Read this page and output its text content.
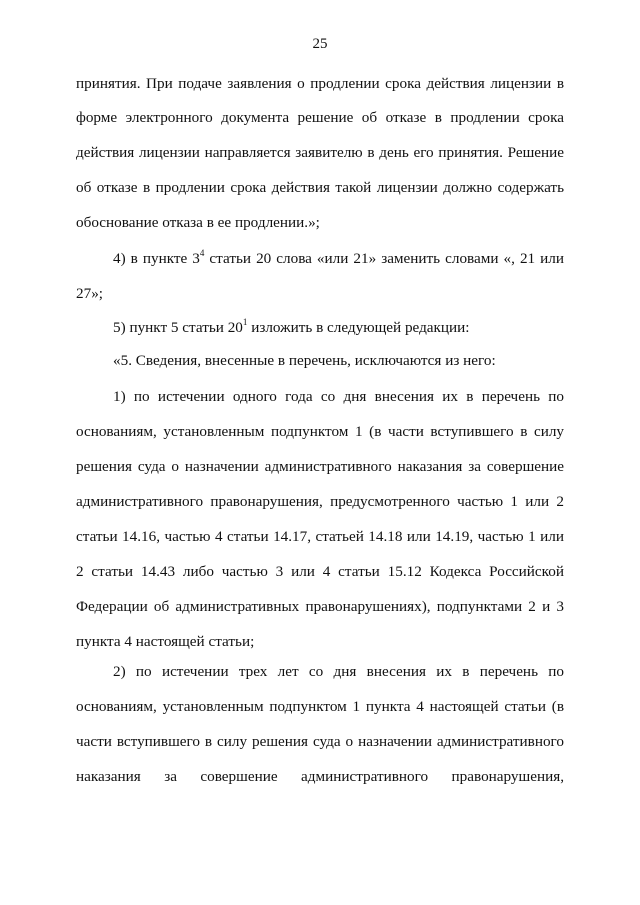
25
принятия. При подаче заявления о продлении срока действия лицензии в
форме электронного документа решение об отказе в продлении срока
действия лицензии направляется заявителю в день его принятия. Решение
об отказе в продлении срока действия такой лицензии должно содержать
обоснование отказа в ее продлении.»;
4) в пункте $3^4$ статьи 20 слова «или 21» заменить словами «, 21 или
27»;
5) пункт 5 статьи $20^1$ изложить в следующей редакции:
«5. Сведения, внесенные в перечень, исключаются из него:
1) по истечении одного года со дня внесения их в перечень по
основаниям, установленным подпунктом 1 (в части вступившего в силу
решения суда о назначении административного наказания за совершение
административного правонарушения, предусмотренного частью 1 или 2
статьи 14.16, частью 4 статьи 14.17, статьей 14.18 или 14.19, частью 1 или
2 статьи 14.43 либо частью 3 или 4 статьи 15.12 Кодекса Российской
Федерации об административных правонарушениях), подпунктами 2 и 3
пункта 4 настоящей статьи;
2) по истечении трех лет со дня внесения их в перечень по
основаниям, установленным подпунктом 1 пункта 4 настоящей статьи (в
части вступившего в силу решения суда о назначении административного
наказания за совершение административного правонарушения,
